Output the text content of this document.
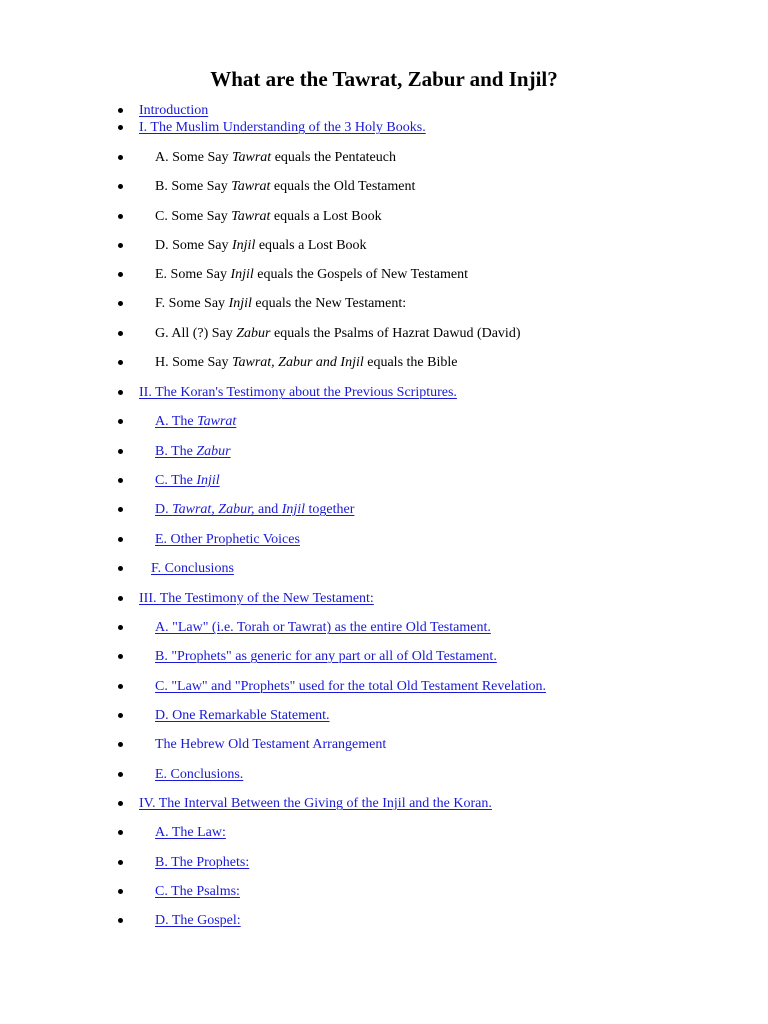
What are the Tawrat, Zabur and Injil?
Introduction
I. The Muslim Understanding of the 3 Holy Books.
A. Some Say Tawrat equals the Pentateuch
B. Some Say Tawrat equals the Old Testament
C. Some Say Tawrat equals a Lost Book
D. Some Say Injil equals a Lost Book
E. Some Say Injil equals the Gospels of New Testament
F. Some Say Injil equals the New Testament:
G. All (?) Say Zabur equals the Psalms of Hazrat Dawud (David)
H. Some Say Tawrat, Zabur and Injil equals the Bible
II. The Koran's Testimony about the Previous Scriptures.
A. The Tawrat
B. The Zabur
C. The Injil
D. Tawrat, Zabur, and Injil together
E. Other Prophetic Voices
F. Conclusions
III. The Testimony of the New Testament:
A. "Law" (i.e. Torah or Tawrat) as the entire Old Testament.
B. "Prophets" as generic for any part or all of Old Testament.
C. "Law" and "Prophets" used for the total Old Testament Revelation.
D. One Remarkable Statement.
The Hebrew Old Testament Arrangement
E. Conclusions.
IV. The Interval Between the Giving of the Injil and the Koran.
A. The Law:
B. The Prophets:
C. The Psalms:
D. The Gospel:
